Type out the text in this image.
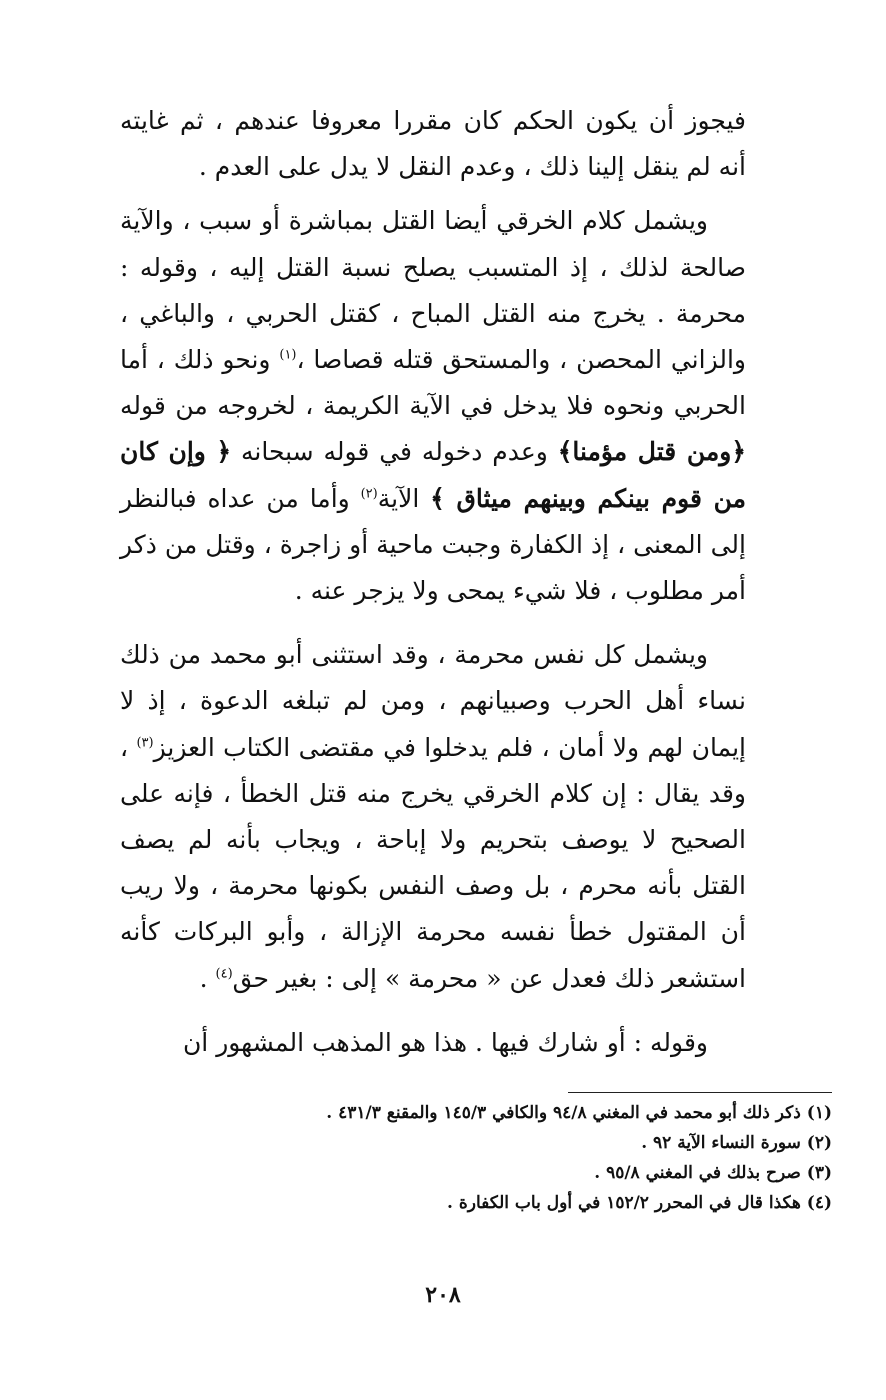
فيجوز أن يكون الحكم كان مقررا معروفا عندهم ، ثم غايته أنه لم ينقل إلينا ذلك ، وعدم النقل لا يدل على العدم .

ويشمل كلام الخرقي أيضا القتل بمباشرة أو سبب ، والآية صالحة لذلك ، إذ المتسبب يصلح نسبة القتل إليه ، وقوله : محرمة . يخرج منه القتل المباح ، كقتل الحربي ، والباغي ، والزاني المحصن ، والمستحق قتله قصاصا ،$^{(١)}$ ونحو ذلك ، أما الحربي ونحوه فلا يدخل في الآية الكريمة ، لخروجه من قوله ﴿ومن قتل مؤمنا﴾ وعدم دخوله في قوله سبحانه ﴿ وإن كان من قوم بينكم وبينهم ميثاق ﴾ الآية$^{(٢)}$ وأما من عداه فبالنظر إلى المعنى ، إذ الكفارة وجبت ماحية أو زاجرة ، وقتل من ذكر أمر مطلوب ، فلا شيء يمحى ولا يزجر عنه .

ويشمل كل نفس محرمة ، وقد استثنى أبو محمد من ذلك نساء أهل الحرب وصبيانهم ، ومن لم تبلغه الدعوة ، إذ لا إيمان لهم ولا أمان ، فلم يدخلوا في مقتضى الكتاب العزيز$^{(٣)}$ ، وقد يقال : إن كلام الخرقي يخرج منه قتل الخطأ ، فإنه على الصحيح لا يوصف بتحريم ولا إباحة ، ويجاب بأنه لم يصف القتل بأنه محرم ، بل وصف النفس بكونها محرمة ، ولا ريب أن المقتول خطأ نفسه محرمة الإزالة ، وأبو البركات كأنه استشعر ذلك فعدل عن « محرمة » إلى : بغير حق$^{(٤)}$ .

وقوله : أو شارك فيها . هذا هو المذهب المشهور أن

(١) ذكر ذلك أبو محمد في المغني ٩٤/٨ والكافي ١٤٥/٣ والمقنع ٤٣١/٣ .

(٢) سورة النساء الآية ٩٢ .

(٣) صرح بذلك في المغني ٩٥/٨ .

(٤) هكذا قال في المحرر ١٥٢/٢ في أول باب الكفارة .

٢٠٨
